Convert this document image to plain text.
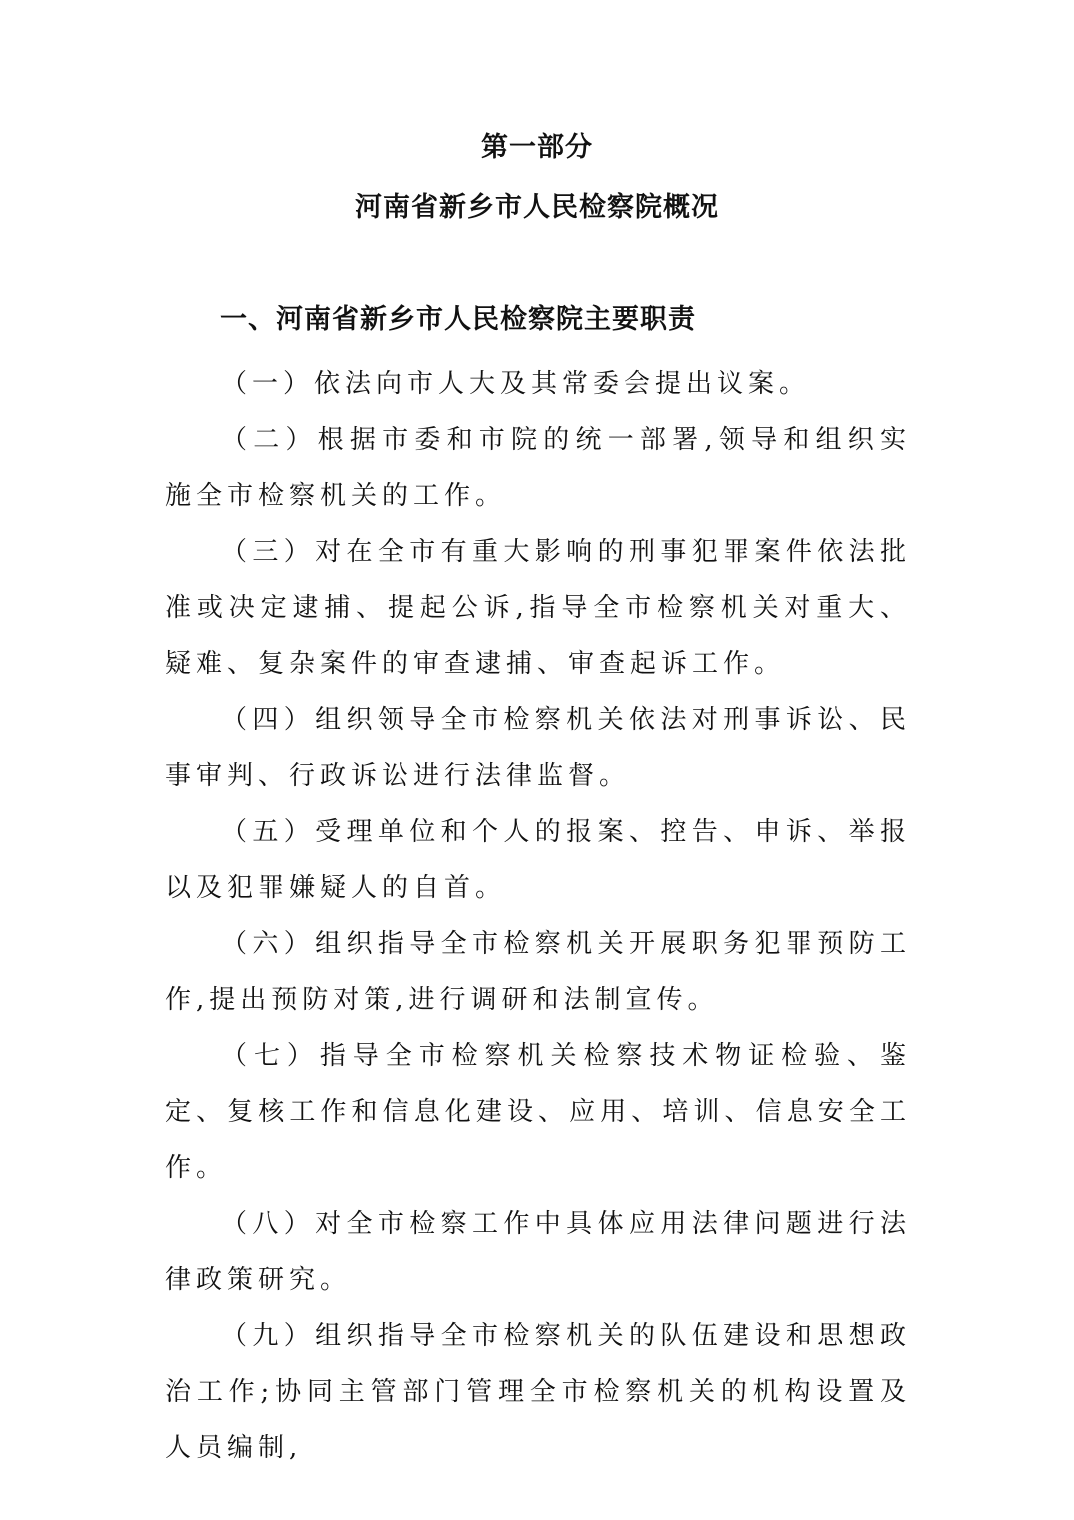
第一部分
河南省新乡市人民检察院概况
一、河南省新乡市人民检察院主要职责

（一）依法向市人大及其常委会提出议案。

（二）根据市委和市院的统一部署,领导和组织实施全市检察机关的工作。

（三）对在全市有重大影响的刑事犯罪案件依法批准或决定逮捕、提起公诉,指导全市检察机关对重大、疑难、复杂案件的审查逮捕、审查起诉工作。

（四）组织领导全市检察机关依法对刑事诉讼、民事审判、行政诉讼进行法律监督。

（五）受理单位和个人的报案、控告、申诉、举报以及犯罪嫌疑人的自首。

（六）组织指导全市检察机关开展职务犯罪预防工作,提出预防对策,进行调研和法制宣传。

（七）指导全市检察机关检察技术物证检验、鉴定、复核工作和信息化建设、应用、培训、信息安全工作。

（八）对全市检察工作中具体应用法律问题进行法律政策研究。

（九）组织指导全市检察机关的队伍建设和思想政治工作;协同主管部门管理全市检察机关的机构设置及人员编制,
